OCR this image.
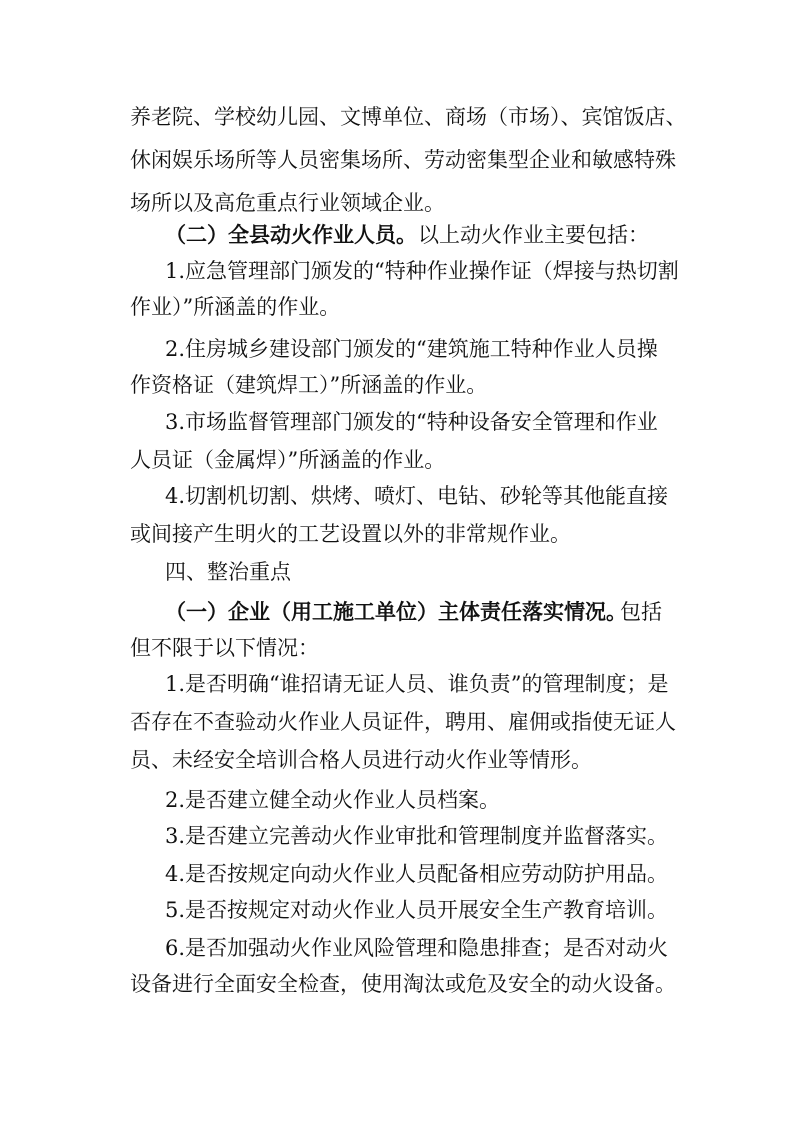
养老院、学校幼儿园、文博单位、商场（市场）、宾馆饭店、
休闲娱乐场所等人员密集场所、劳动密集型企业和敏感特殊
场所以及高危重点行业领域企业。
（二）全县动火作业人员。 以上动火作业主要包括：
1.应急管理部门颁发的“特种作业操作证（焊接与热切割
作业）”所涵盖的作业。
2.住房城乡建设部门颁发的“建筑施工特种作业人员操
作资格证（建筑焊工）”所涵盖的作业。
3.市场监督管理部门颁发的“特种设备安全管理和作业
人员证（金属焊）”所涵盖的作业。
4.切割机切割、烘烤、喷灯、电钻、砂轮等其他能直接
或间接产生明火的工艺设置以外的非常规作业。
四、整治重点
（一）企业（用工施工单位）主体责任落实情况。
包括
但不限于以下情况：
1.是否明确“谁招请无证人员、谁负责”的管理制度；是
否存在不查验动火作业人员证件，聘用、雇佣或指使无证人
员、未经安全培训合格人员进行动火作业等情形。
2.是否建立健全动火作业人员档案。
3.是否建立完善动火作业审批和管理制度并监督落实。
4.是否按规定向动火作业人员配备相应劳动防护用品。
5.是否按规定对动火作业人员开展安全生产教育培训。
6.是否加强动火作业风险管理和隐患排查；是否对动火
设备进行全面安全检查，使用淘汰或危及安全的动火设备。
